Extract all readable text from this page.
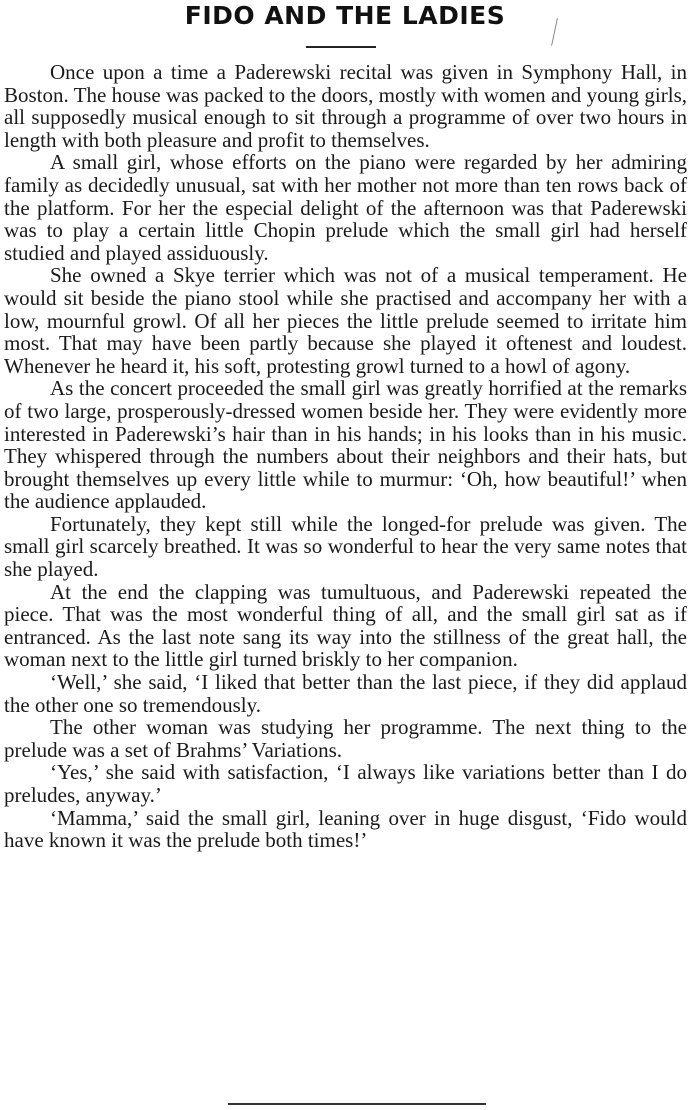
FIDO AND THE LADIES

Once upon a time a Paderewski recital was given in Symphony Hall, in Boston. The house was packed to the doors, mostly with women and young girls, all supposedly musical enough to sit through a programme of over two hours in length with both pleasure and profit to themselves.

A small girl, whose efforts on the piano were regarded by her admiring family as decidedly unusual, sat with her mother not more than ten rows back of the platform. For her the especial delight of the afternoon was that Paderewski was to play a certain little Chopin prelude which the small girl had herself studied and played assiduously.

She owned a Skye terrier which was not of a musical temperament. He would sit beside the piano stool while she practised and accompany her with a low, mournful growl. Of all her pieces the little prelude seemed to irritate him most. That may have been partly because she played it oftenest and loudest. Whenever he heard it, his soft, protesting growl turned to a howl of agony.

As the concert proceeded the small girl was greatly horrified at the remarks of two large, prosperously-dressed women beside her. They were evidently more interested in Paderewski’s hair than in his hands; in his looks than in his music. They whispered through the numbers about their neighbors and their hats, but brought themselves up every little while to murmur: ‘Oh, how beautiful!’ when the audience applauded.

Fortunately, they kept still while the longed-for prelude was given. The small girl scarcely breathed. It was so wonderful to hear the very same notes that she played.

At the end the clapping was tumultuous, and Paderewski repeated the piece. That was the most wonderful thing of all, and the small girl sat as if entranced. As the last note sang its way into the stillness of the great hall, the woman next to the little girl turned briskly to her companion.

‘Well,’ she said, ‘I liked that better than the last piece, if they did applaud the other one so tremendously.

The other woman was studying her programme. The next thing to the prelude was a set of Brahms’ Variations.

‘Yes,’ she said with satisfaction, ‘I always like variations better than I do preludes, anyway.’

‘Mamma,’ said the small girl, leaning over in huge disgust, ‘Fido would have known it was the prelude both times!’
